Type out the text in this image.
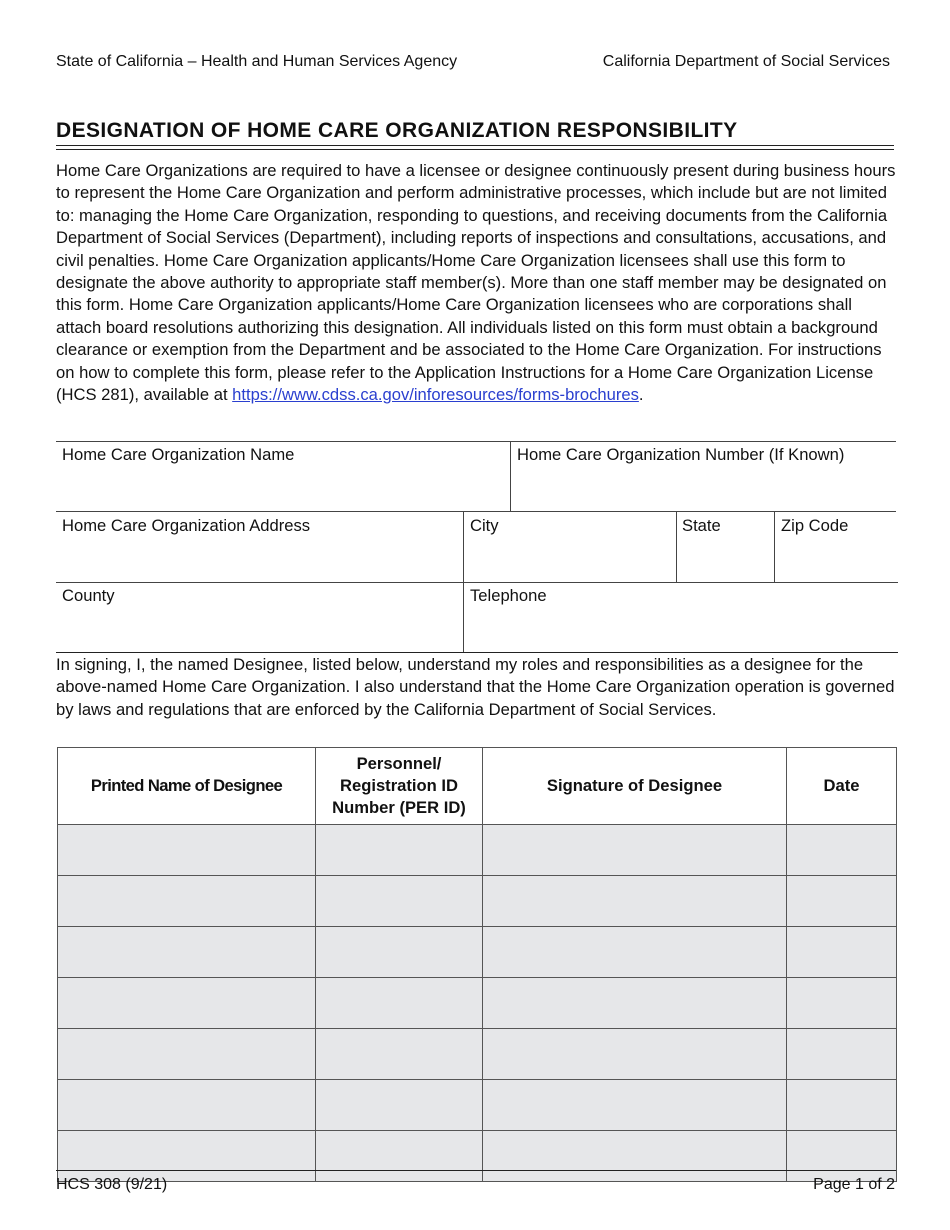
State of California – Health and Human Services Agency	California Department of Social Services
DESIGNATION OF HOME CARE ORGANIZATION RESPONSIBILITY

Home Care Organizations are required to have a licensee or designee continuously present during business hours to represent the Home Care Organization and perform administrative processes, which include but are not limited to: managing the Home Care Organization, responding to questions, and receiving documents from the California Department of Social Services (Department), including reports of inspections and consultations, accusations, and civil penalties. Home Care Organization applicants/Home Care Organization licensees shall use this form to designate the above authority to appropriate staff member(s). More than one staff member may be designated on this form. Home Care Organization applicants/Home Care Organization licensees who are corporations shall attach board resolutions authorizing this designation. All individuals listed on this form must obtain a background clearance or exemption from the Department and be associated to the Home Care Organization. For instructions on how to complete this form, please refer to the Application Instructions for a Home Care Organization License (HCS 281), available at https://www.cdss.ca.gov/inforesources/forms-brochures.

Home Care Organization Name	Home Care Organization Number (If Known)
Home Care Organization Address	City	State	Zip Code
County	Telephone

In signing, I, the named Designee, listed below, understand my roles and responsibilities as a designee for the above-named Home Care Organization. I also understand that the Home Care Organization operation is governed by laws and regulations that are enforced by the California Department of Social Services.

Printed Name of Designee	Personnel/
Registration ID
Number (PER ID)	Signature of Designee	Date

HCS 308 (9/21)	Page 1 of 2
